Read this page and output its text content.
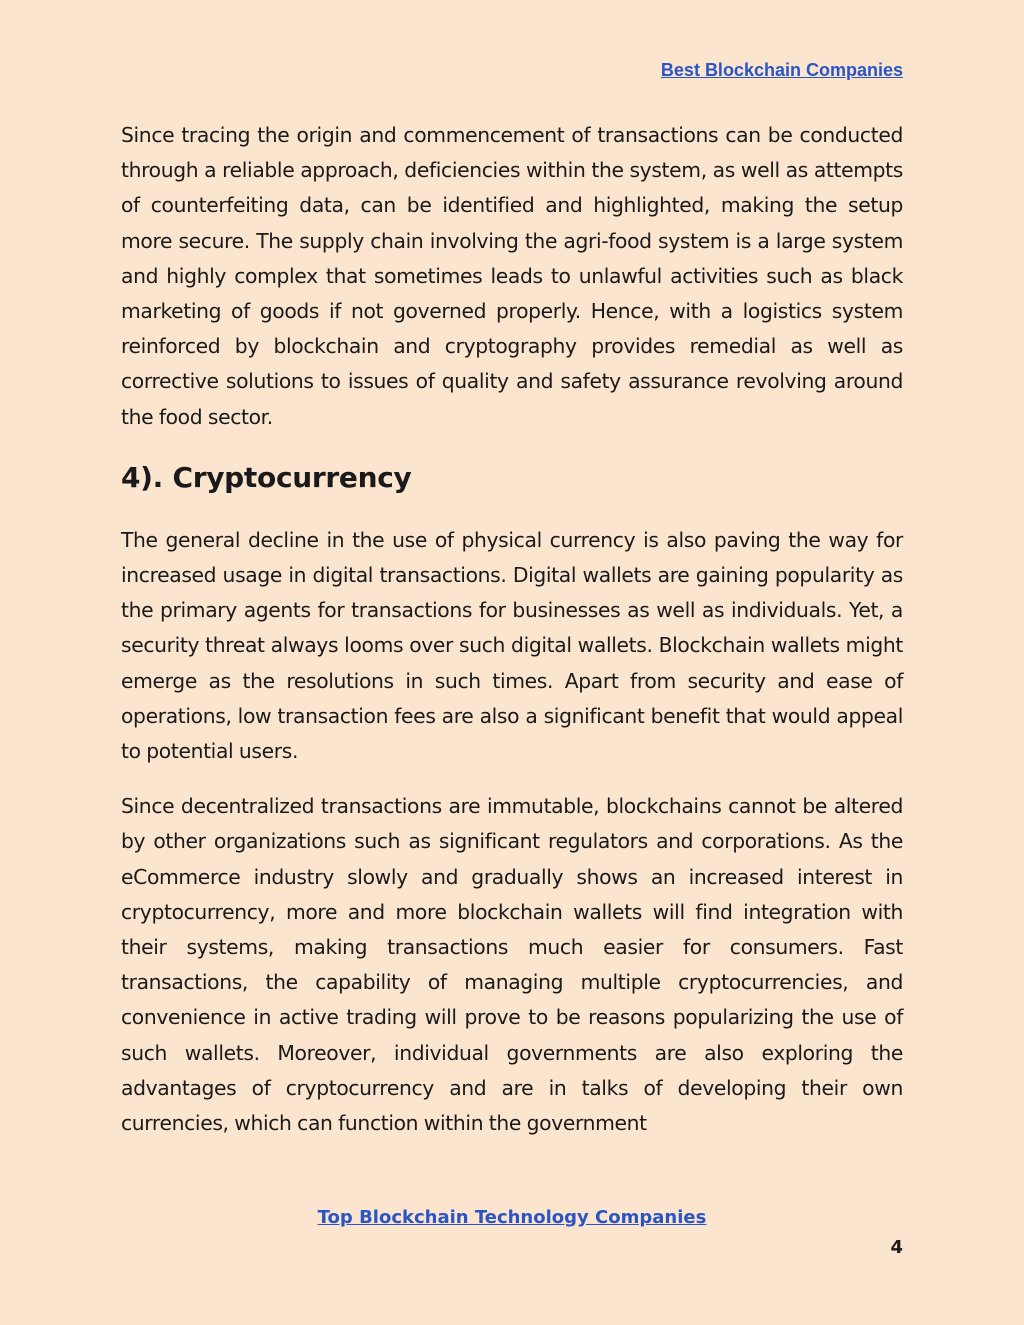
Best Blockchain Companies

Since tracing the origin and commencement of transactions can be conducted through a reliable approach, deficiencies within the system, as well as attempts of counterfeiting data, can be identified and highlighted, making the setup more secure. The supply chain involving the agri-food system is a large system and highly complex that sometimes leads to unlawful activities such as black marketing of goods if not governed properly. Hence, with a logistics system reinforced by blockchain and cryptography provides remedial as well as corrective solutions to issues of quality and safety assurance revolving around the food sector.

4). Cryptocurrency

The general decline in the use of physical currency is also paving the way for increased usage in digital transactions. Digital wallets are gaining popularity as the primary agents for transactions for businesses as well as individuals. Yet, a security threat always looms over such digital wallets. Blockchain wallets might emerge as the resolutions in such times. Apart from security and ease of operations, low transaction fees are also a significant benefit that would appeal to potential users.

Since decentralized transactions are immutable, blockchains cannot be altered by other organizations such as significant regulators and corporations. As the eCommerce industry slowly and gradually shows an increased interest in cryptocurrency, more and more blockchain wallets will find integration with their systems, making transactions much easier for consumers. Fast transactions, the capability of managing multiple cryptocurrencies, and convenience in active trading will prove to be reasons popularizing the use of such wallets. Moreover, individual governments are also exploring the advantages of cryptocurrency and are in talks of developing their own currencies, which can function within the government

Top Blockchain Technology Companies
4
